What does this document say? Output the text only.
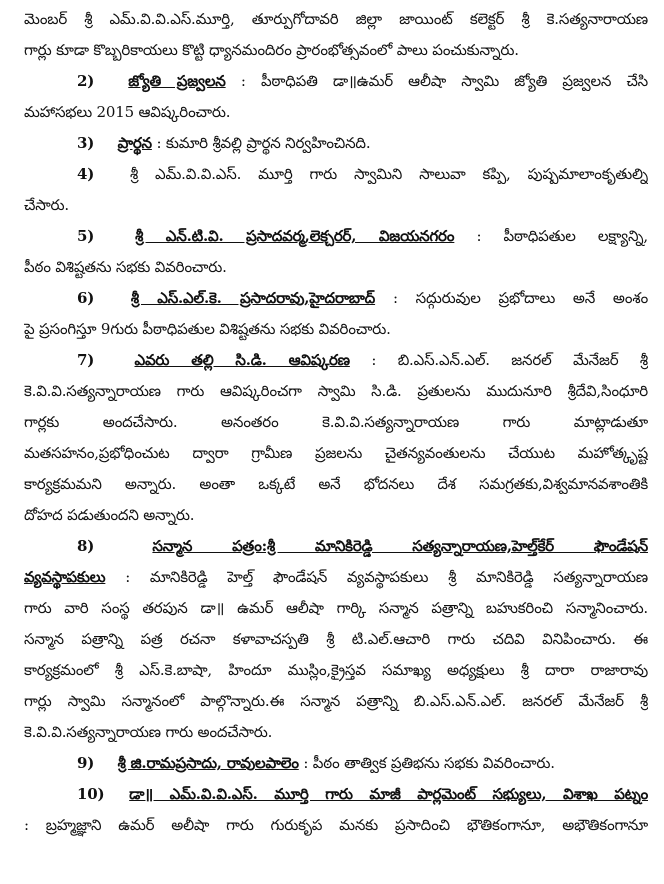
మెంబర్ శ్రీ ఎమ్.వి.వి.ఎస్.మూర్తి, తూర్పుగోదావరి జిల్లా జాయింట్ కలెక్టర్ శ్రీ కె.సత్యనారాయణ
గార్లు కూడా కొబ్బరికాయలు కొట్టి ధ్యానమందిరం ప్రారంభోత్సవంలో పాలు పంచుకున్నారు.
2) జ్యోతి ప్రజ్వలన : పీఠాధిపతి డా॥ఉమర్ ఆలీషా స్వామి జ్యోతి ప్రజ్వలన చేసి
మహాసభలు 2015 ఆవిష్కరించారు.
3) ప్రార్థన : కుమారి శ్రీవల్లి ప్రార్థన నిర్వహించినది.
4) శ్రీ ఎమ్.వి.వి.ఎస్. మూర్తి గారు స్వామిని సాలువా కప్పి, పుష్పమాలాంకృతుల్ని
చేసారు.
5)	శ్రీ ఎన్.టి.వి. ప్రసాదవర్మ,లెక్చరర్, విజయనగరం : పీఠాధిపతుల లక్ష్యాన్ని,
పీఠం విశిష్టతను సభకు వివరించారు.
6) శ్రీ ఎస్.ఎల్.కె. ప్రసాదరావు,హైదరాబాద్ : సద్గురువుల ప్రభోదాలు అనే అంశం
పై ప్రసంగిస్తూ 9గురు పీఠాధిపతుల విశిష్టతను సభకు వివరించారు.
7)	ఎవరు తల్లి సి.డి. ఆవిష్కరణ : బి.ఎస్.ఎన్.ఎల్. జనరల్ మేనేజర్ శ్రీ
కె.వి.వి.సత్యన్నారాయణ గారు ఆవిష్కరించగా స్వామి సి.డి. ప్రతులను ముదునూరి శ్రీదేవి,సింధూరి
గార్లకు అందచేసారు. అనంతరం కె.వి.వి.సత్యన్నారాయణ గారు మాట్లాడుతూ
మతసహనం,ప్రభోధించుట ద్వారా గ్రామీణ ప్రజలను చైతన్యవంతులను చేయుట మహోత్కృష్ట
కార్యక్రమమని అన్నారు. అంతా ఒక్కటే అనే భోదనలు దేశ సమగ్రతకు,విశ్వమానవశాంతికి
దోహద పడుతుందని అన్నారు.
8)	సన్మాన పత్రం:శ్రీ మానికిరెడ్డి సత్యన్నారాయణ,హెల్త్‌కేర్ ఫౌండేషన్
వ్యవస్థాపకులు : మానికిరెడ్డి హెల్త్ ఫౌండేషన్ వ్యవస్థాపకులు శ్రీ మానికిరెడ్డి సత్యన్నారాయణ
గారు వారి సంస్థ తరపున డా॥ ఉమర్ ఆలీషా గార్కి సన్మాన పత్రాన్ని బహుకరించి సన్మానించారు.
సన్మాన పత్రాన్ని పత్ర రచనా కళావాచస్పతి శ్రీ టి.ఎల్.ఆచారి గారు చదివి వినిపించారు. ఈ
కార్యక్రమంలో శ్రీ ఎస్.కె.బాషా, హిందూ ముస్లిం,క్రైస్తవ సమాఖ్య అధ్యక్షులు శ్రీ దారా రాజారావు
గార్లు స్వామి సన్మానంలో పాల్గొన్నారు.ఈ సన్మాన పత్రాన్ని బి.ఎస్.ఎన్.ఎల్. జనరల్ మేనేజర్ శ్రీ
కె.వి.వి.సత్యన్నారాయణ గారు అందచేసారు.
9) శ్రీ జి.రామప్రసాదు, రావులపాలెం : పీఠం తాత్విక ప్రతిభను సభకు వివరించారు.
10) డా॥ ఎమ్.వి.వి.ఎస్. మూర్తి గారు మాజీ పార్లమెంట్ సభ్యులు, విశాఖ పట్నం
: బ్రహ్మజ్ఞాని ఉమర్ అలీషా గారు గురుకృప మనకు ప్రసాదించి భౌతికంగానూ, అభౌతికంగానూ
